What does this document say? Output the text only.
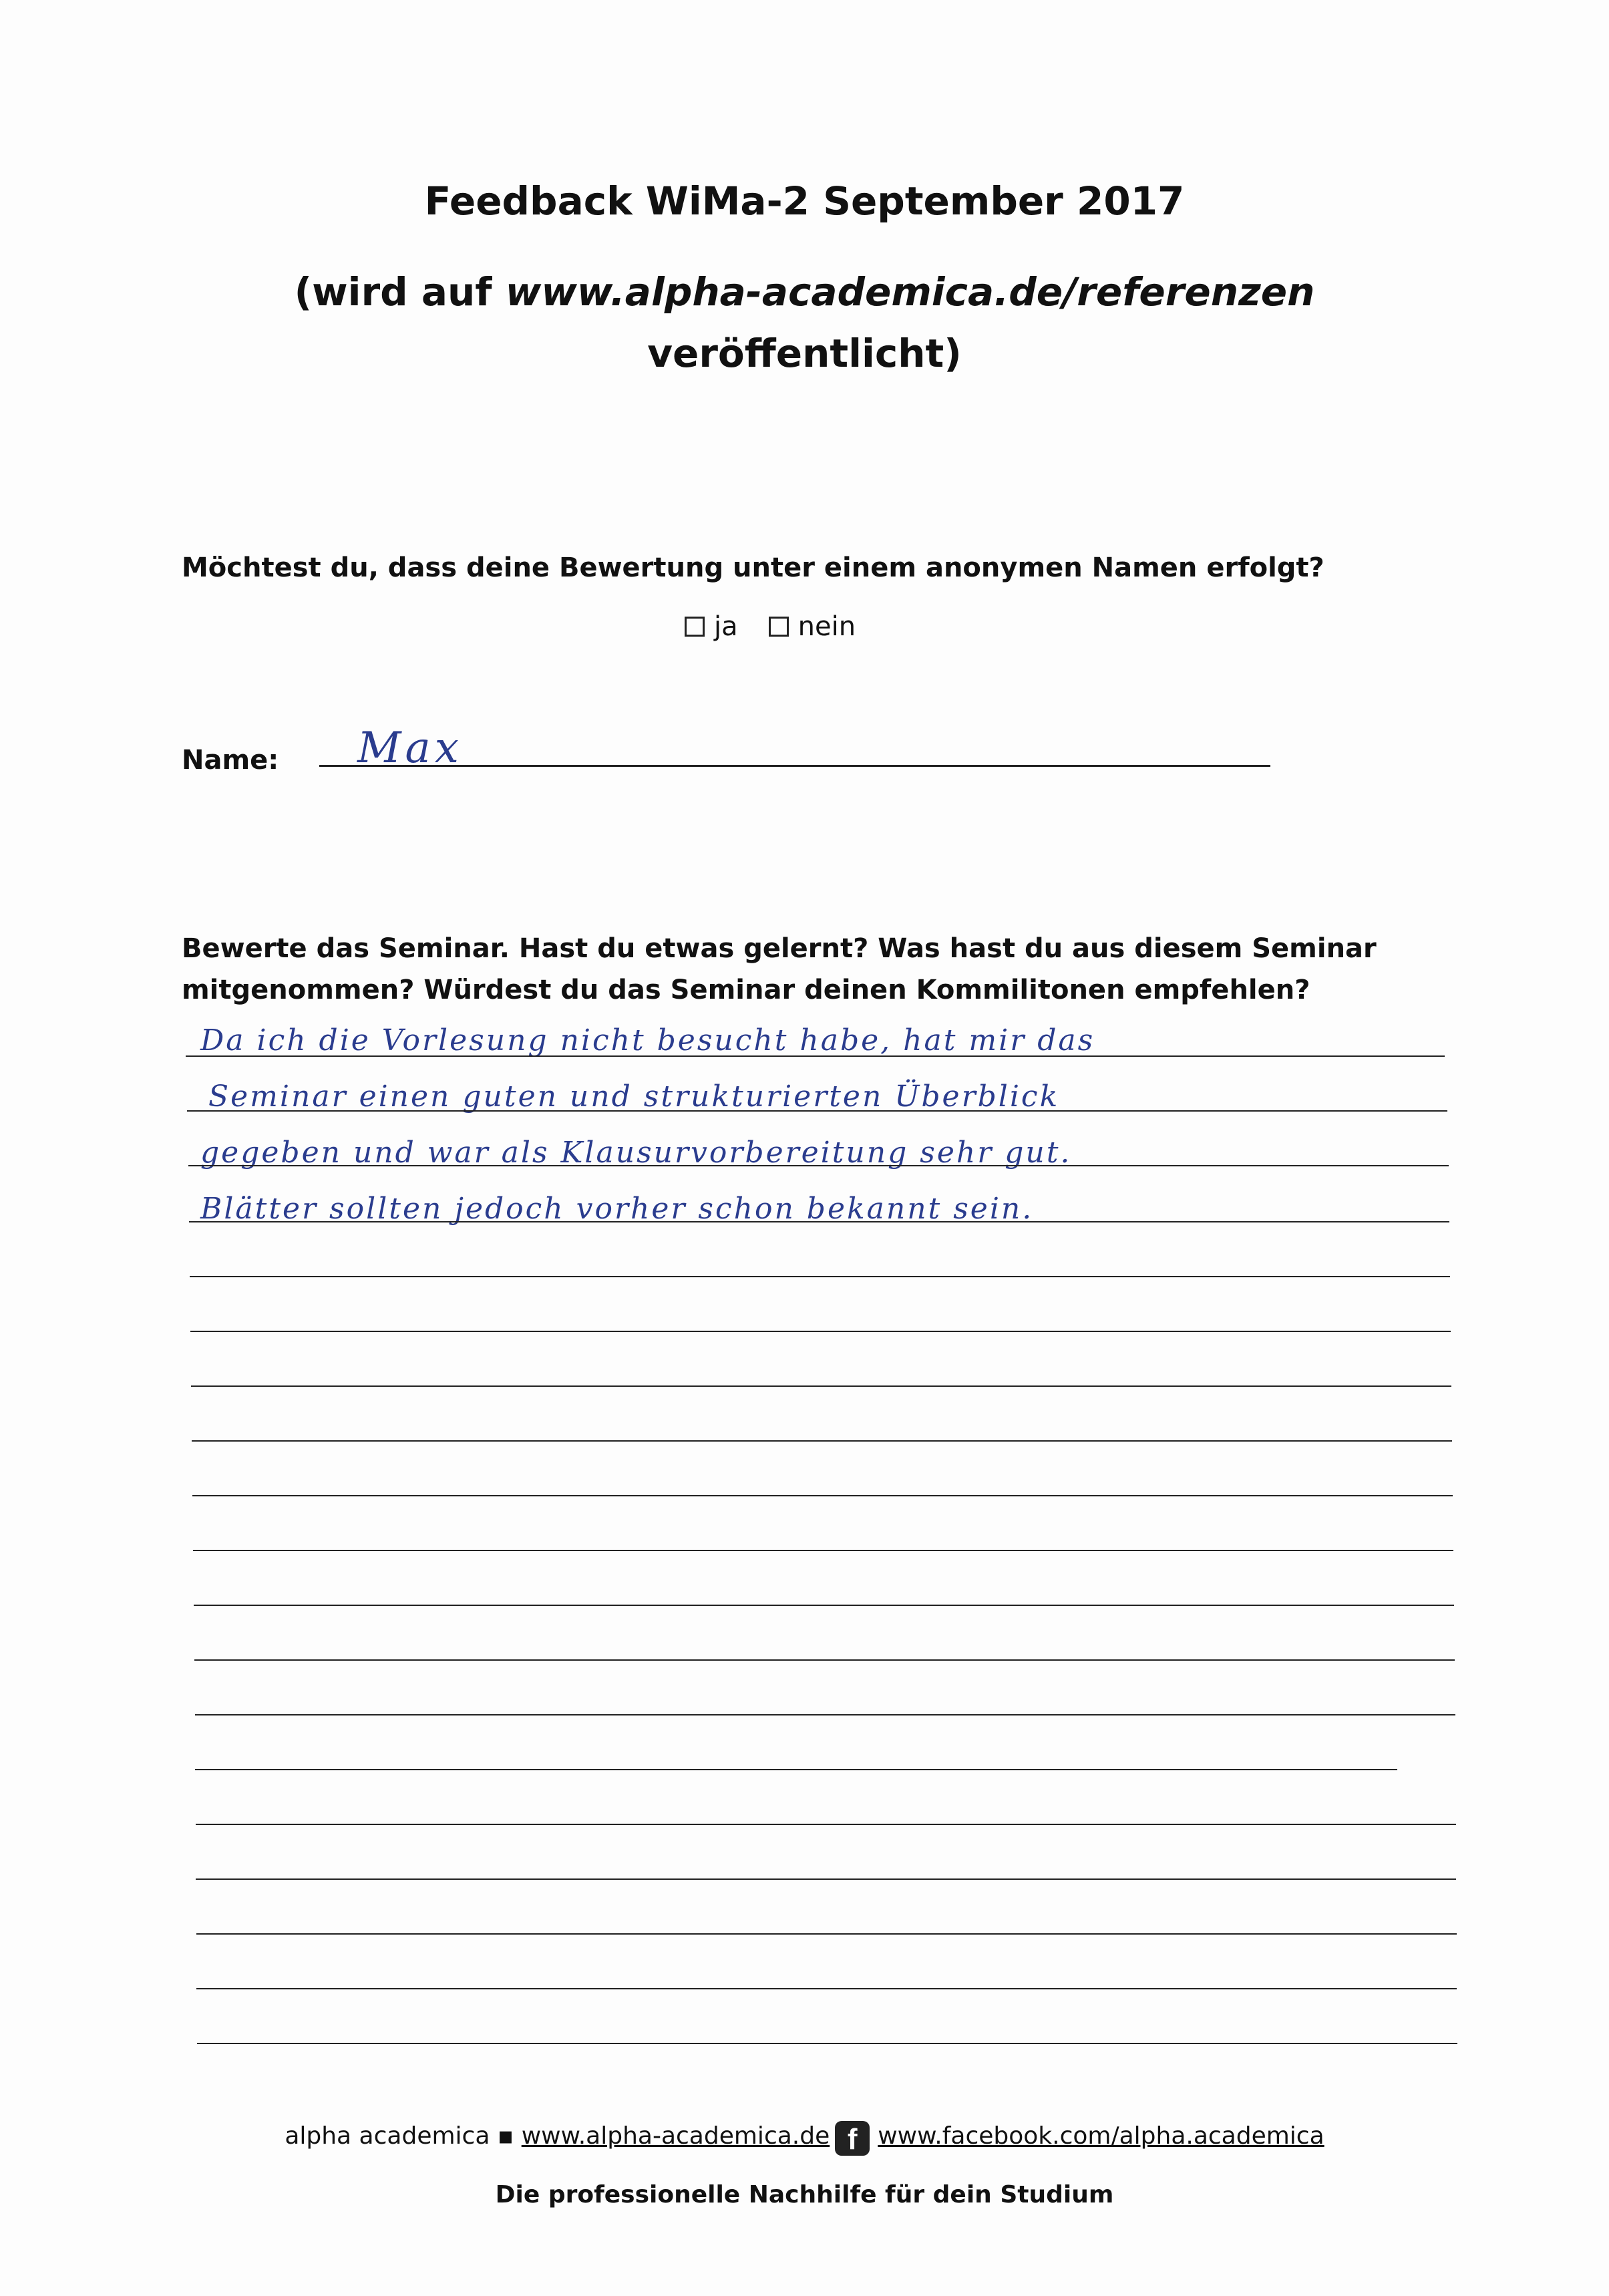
Feedback WiMa-2 September 2017
(wird auf www.alpha-academica.de/referenzen
veröffentlicht)
Möchtest du, dass deine Bewertung unter einem anonymen Namen erfolgt?
ja nein
Name: Max
Bewerte das Seminar. Hast du etwas gelernt? Was hast du aus diesem Seminar
mitgenommen? Würdest du das Seminar deinen Kommilitonen empfehlen?
Da ich die Vorlesung nicht besucht habe, hat mir das
Seminar einen guten und strukturierten Überblick
gegeben und war als Klausurvorbereitung sehr gut.
Blätter sollten jedoch vorher schon bekannt sein.
alpha academica ▪ www.alpha-academica.de f www.facebook.com/alpha.academica
Die professionelle Nachhilfe für dein Studium
